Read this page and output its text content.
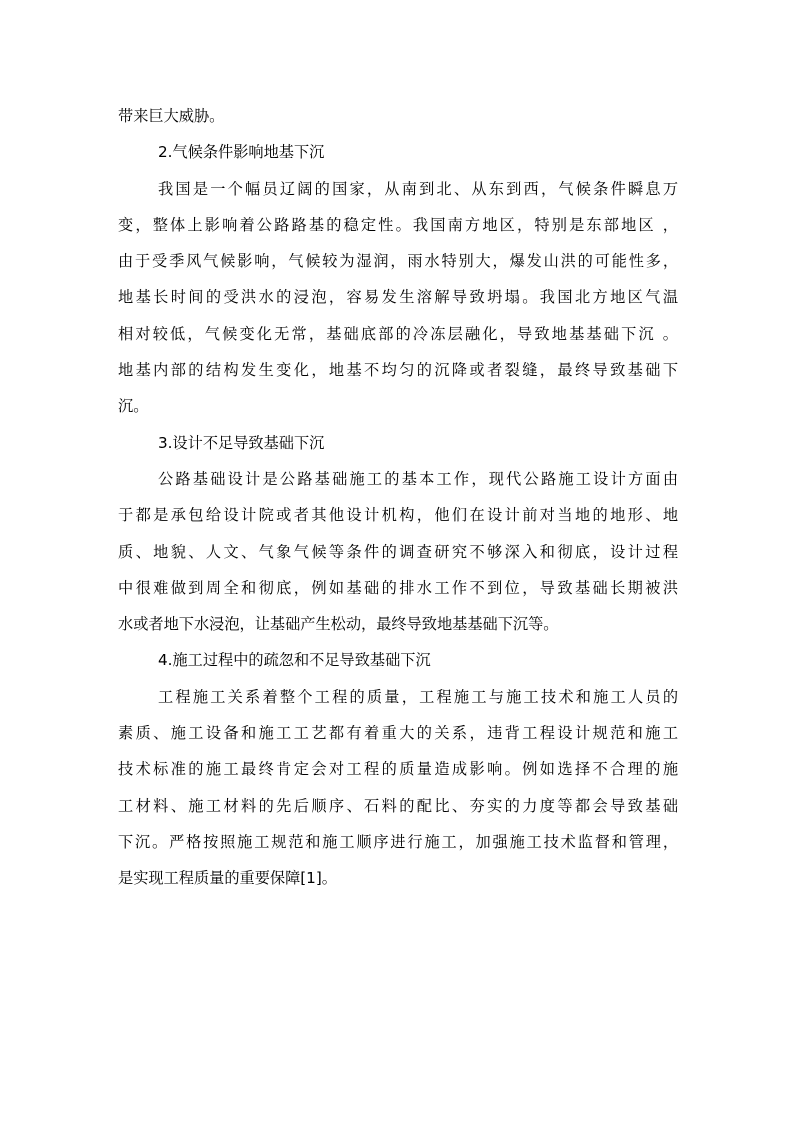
带来巨大威胁。
2.气候条件影响地基下沉
我国是一个幅员辽阔的国家，从南到北、从东到西，气候条件瞬息万
变，整体上影响着公路路基的稳定性。我国南方地区，特别是东部地区 ，
由于受季风气候影响，气候较为湿润，雨水特别大，爆发山洪的可能性多，
地基长时间的受洪水的浸泡，容易发生溶解导致坍塌。我国北方地区气温
相对较低，气候变化无常，基础底部的冷冻层融化，导致地基基础下沉 。
地基内部的结构发生变化，地基不均匀的沉降或者裂缝，最终导致基础下
沉。
3.设计不足导致基础下沉
公路基础设计是公路基础施工的基本工作，现代公路施工设计方面由
于都是承包给设计院或者其他设计机构，他们在设计前对当地的地形、地
质、地貌、人文、气象气候等条件的调查研究不够深入和彻底，设计过程
中很难做到周全和彻底，例如基础的排水工作不到位，导致基础长期被洪
水或者地下水浸泡，让基础产生松动，最终导致地基基础下沉等。
4.施工过程中的疏忽和不足导致基础下沉
工程施工关系着整个工程的质量，工程施工与施工技术和施工人员的
素质、施工设备和施工工艺都有着重大的关系，违背工程设计规范和施工
技术标准的施工最终肯定会对工程的质量造成影响。例如选择不合理的施
工材料、施工材料的先后顺序、石料的配比、夯实的力度等都会导致基础
下沉。严格按照施工规范和施工顺序进行施工，加强施工技术监督和管理，
是实现工程质量的重要保障[1]。
